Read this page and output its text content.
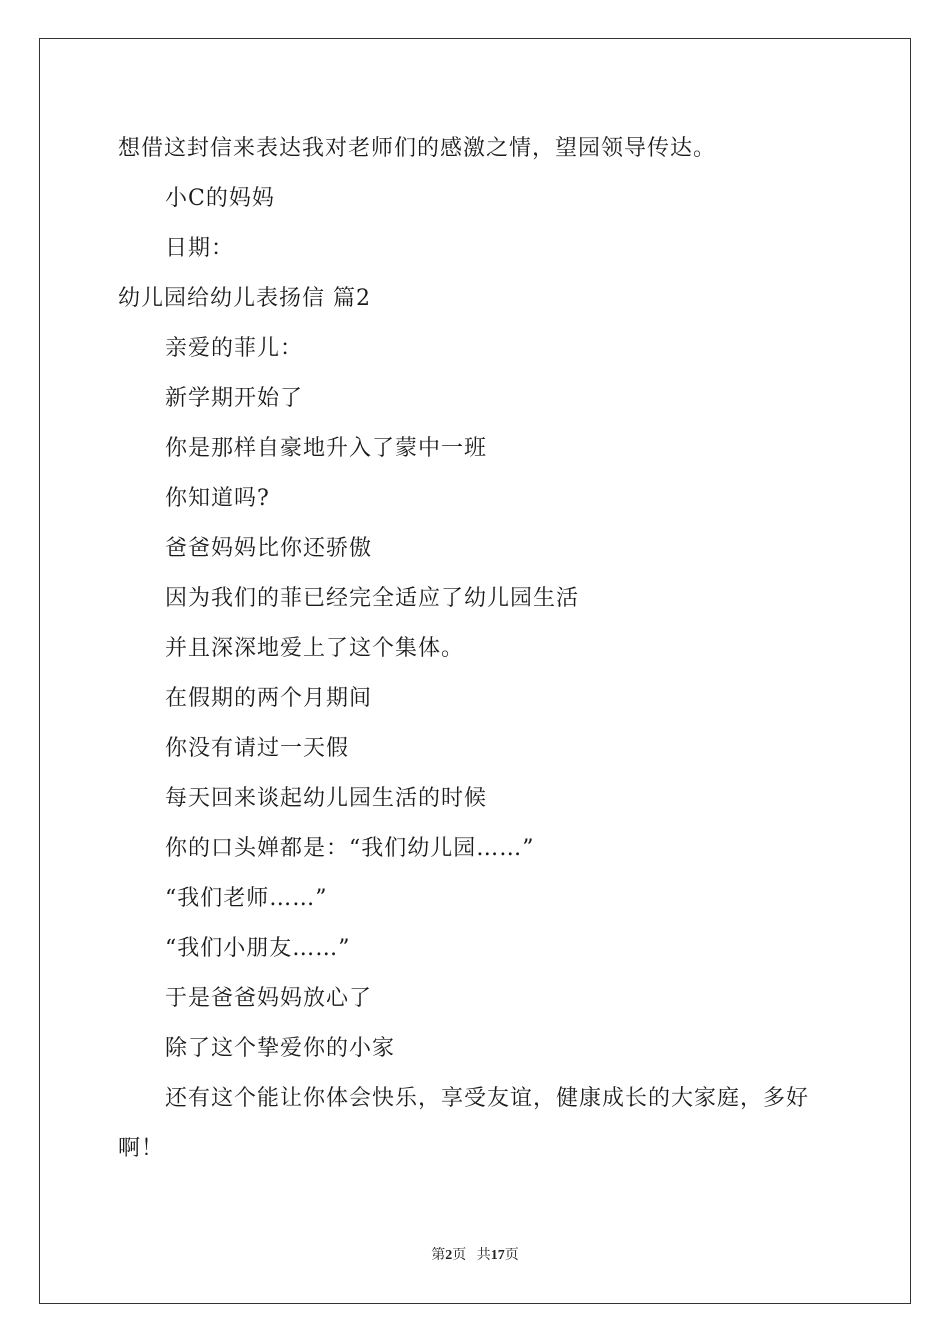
想借这封信来表达我对老师们的感激之情，望园领导传达。
小C的妈妈
日期：
幼儿园给幼儿表扬信 篇2
亲爱的菲儿：
新学期开始了
你是那样自豪地升入了蒙中一班
你知道吗?
爸爸妈妈比你还骄傲
因为我们的菲已经完全适应了幼儿园生活
并且深深地爱上了这个集体。
在假期的两个月期间
你没有请过一天假
每天回来谈起幼儿园生活的时候
你的口头婵都是：“我们幼儿园……”
“我们老师……”
“我们小朋友……”
于是爸爸妈妈放心了
除了这个挚爱你的小家
还有这个能让你体会快乐，享受友谊，健康成长的大家庭，多好
啊！
第2页 共17页
